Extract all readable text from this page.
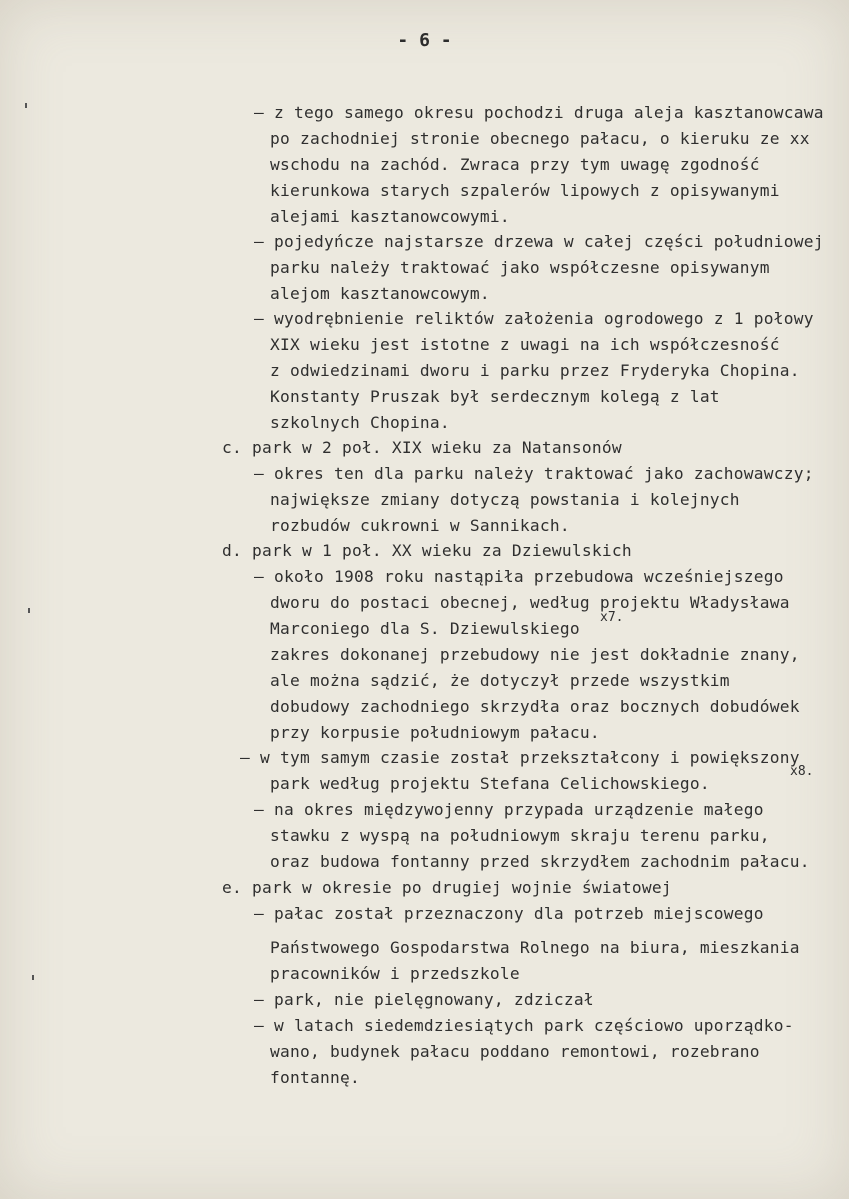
- 6 -
– z tego samego okresu pochodzi druga aleja kasztanowcawa
po zachodniej stronie obecnego pałacu, o kieruku ze xx
wschodu na zachód. Zwraca przy tym uwagę zgodność
kierunkowa starych szpalerów lipowych z opisywanymi
alejami kasztanowcowymi.
– pojedyńcze najstarsze drzewa w całej części południowej
parku należy traktować jako współczesne opisywanym
alejom kasztanowcowym.
– wyodrębnienie reliktów założenia ogrodowego z 1 połowy
XIX wieku jest istotne z uwagi na ich współczesność
z odwiedzinami dworu i parku przez Fryderyka Chopina.
Konstanty Pruszak był serdecznym kolegą z lat
szkolnych Chopina.
c. park w 2 poł. XIX wieku za Natansonów
– okres ten dla parku należy traktować jako zachowawczy;
największe zmiany dotyczą powstania i kolejnych
rozbudów cukrowni w Sannikach.
d. park w 1 poł. XX wieku za Dziewulskich
– około 1908 roku nastąpiła przebudowa wcześniejszego
dworu do postaci obecnej, według projektu Władysława
Marconiego dla S. Dziewulskiego
x7.
zakres dokonanej przebudowy nie jest dokładnie znany,
ale można sądzić, że dotyczył przede wszystkim
dobudowy zachodniego skrzydła oraz bocznych dobudówek
przy korpusie południowym pałacu.
– w tym samym czasie został przekształcony i powiększony
park według projektu Stefana Celichowskiego.
x8.
– na okres międzywojenny przypada urządzenie małego
stawku z wyspą na południowym skraju terenu parku,
oraz budowa fontanny przed skrzydłem zachodnim pałacu.
e. park w okresie po drugiej wojnie światowej
– pałac został przeznaczony dla potrzeb miejscowego
Państwowego Gospodarstwa Rolnego na biura, mieszkania
pracowników i przedszkole
– park, nie pielęgnowany, zdziczał
– w latach siedemdziesiątych park częściowo uporządko-
wano, budynek pałacu poddano remontowi, rozebrano
fontannę.
